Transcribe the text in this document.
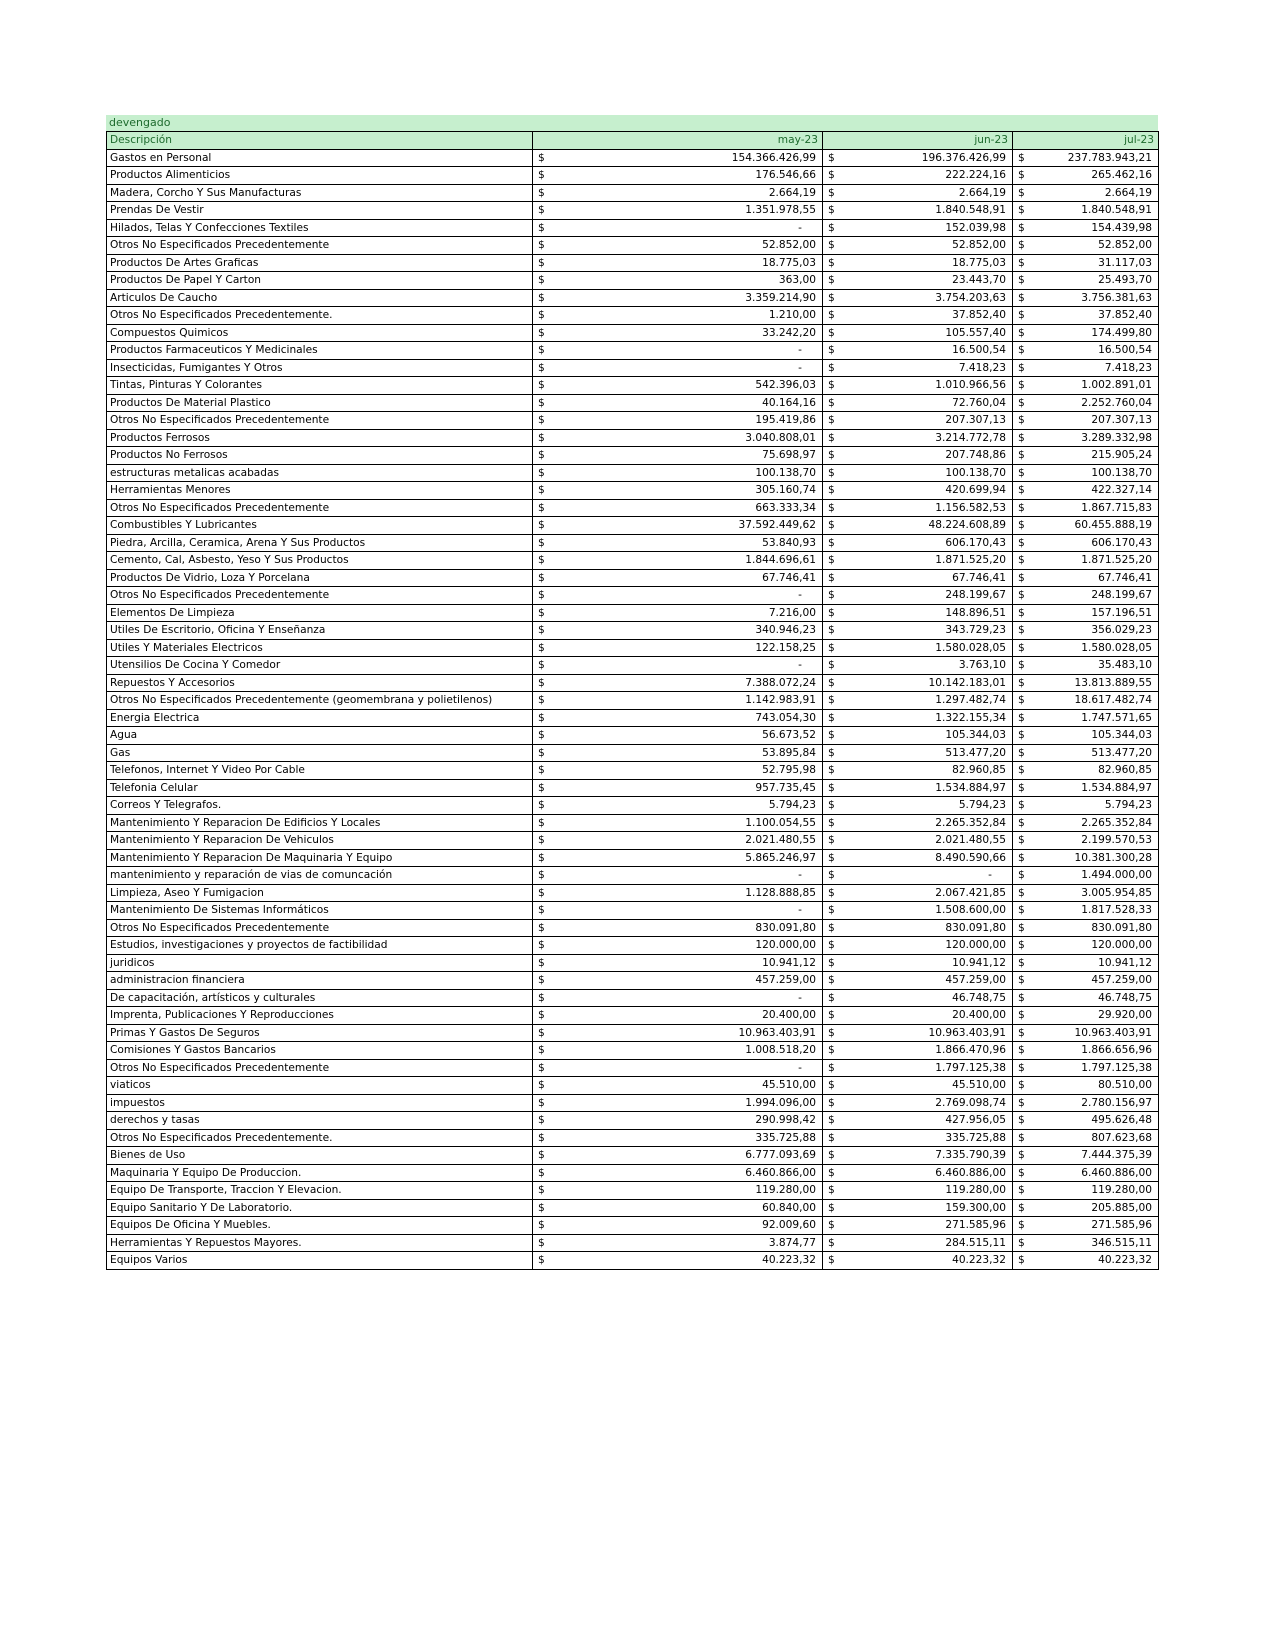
devengado
Descripción	may-23	jun-23	jul-23
Gastos en Personal	$ 154.366.426,99	$ 196.376.426,99	$ 237.783.943,21

Productos Alimenticios	$ 176.546,66	$ 222.224,16	$ 265.462,16

Madera, Corcho Y Sus Manufacturas	$ 2.664,19	$ 2.664,19	$ 2.664,19

Prendas De Vestir	$ 1.351.978,55	$ 1.840.548,91	$ 1.840.548,91

Hilados, Telas Y Confecciones Textiles	$ -	$ 152.039,98	$ 154.439,98

Otros No Especificados Precedentemente	$ 52.852,00	$ 52.852,00	$ 52.852,00

Productos De Artes Graficas	$ 18.775,03	$ 18.775,03	$ 31.117,03

Productos De Papel Y Carton	$ 363,00	$ 23.443,70	$ 25.493,70

Articulos De Caucho	$ 3.359.214,90	$ 3.754.203,63	$ 3.756.381,63

Otros No Especificados Precedentemente.	$ 1.210,00	$ 37.852,40	$ 37.852,40

Compuestos Quimicos	$ 33.242,20	$ 105.557,40	$ 174.499,80

Productos Farmaceuticos Y Medicinales	$ -	$ 16.500,54	$ 16.500,54

Insecticidas, Fumigantes Y Otros	$ -	$ 7.418,23	$ 7.418,23

Tintas, Pinturas Y Colorantes	$ 542.396,03	$ 1.010.966,56	$ 1.002.891,01

Productos De Material Plastico	$ 40.164,16	$ 72.760,04	$ 2.252.760,04

Otros No Especificados Precedentemente	$ 195.419,86	$ 207.307,13	$ 207.307,13

Productos Ferrosos	$ 3.040.808,01	$ 3.214.772,78	$ 3.289.332,98

Productos No Ferrosos	$ 75.698,97	$ 207.748,86	$ 215.905,24

estructuras metalicas acabadas	$ 100.138,70	$ 100.138,70	$ 100.138,70

Herramientas Menores	$ 305.160,74	$ 420.699,94	$ 422.327,14

Otros No Especificados Precedentemente	$ 663.333,34	$ 1.156.582,53	$ 1.867.715,83

Combustibles Y Lubricantes	$ 37.592.449,62	$ 48.224.608,89	$ 60.455.888,19

Piedra, Arcilla, Ceramica, Arena Y Sus Productos	$ 53.840,93	$ 606.170,43	$ 606.170,43

Cemento, Cal, Asbesto, Yeso Y Sus Productos	$ 1.844.696,61	$ 1.871.525,20	$ 1.871.525,20

Productos De Vidrio, Loza Y Porcelana	$ 67.746,41	$ 67.746,41	$ 67.746,41

Otros No Especificados Precedentemente	$ -	$ 248.199,67	$ 248.199,67

Elementos De Limpieza	$ 7.216,00	$ 148.896,51	$ 157.196,51

Utiles De Escritorio, Oficina Y Enseñanza	$ 340.946,23	$ 343.729,23	$ 356.029,23

Utiles Y Materiales Electricos	$ 122.158,25	$ 1.580.028,05	$ 1.580.028,05

Utensilios De Cocina Y Comedor	$ -	$ 3.763,10	$ 35.483,10

Repuestos Y Accesorios	$ 7.388.072,24	$ 10.142.183,01	$ 13.813.889,55

Otros No Especificados Precedentemente (geomembrana y polietilenos)	$ 1.142.983,91	$ 1.297.482,74	$ 18.617.482,74

Energia Electrica	$ 743.054,30	$ 1.322.155,34	$ 1.747.571,65

Agua	$ 56.673,52	$ 105.344,03	$ 105.344,03

Gas	$ 53.895,84	$ 513.477,20	$ 513.477,20

Telefonos, Internet Y Video Por Cable	$ 52.795,98	$ 82.960,85	$ 82.960,85

Telefonia Celular	$ 957.735,45	$ 1.534.884,97	$ 1.534.884,97

Correos Y Telegrafos.	$ 5.794,23	$ 5.794,23	$ 5.794,23

Mantenimiento Y Reparacion De Edificios Y Locales	$ 1.100.054,55	$ 2.265.352,84	$ 2.265.352,84

Mantenimiento Y Reparacion De Vehiculos	$ 2.021.480,55	$ 2.021.480,55	$ 2.199.570,53

Mantenimiento Y Reparacion De Maquinaria Y Equipo	$ 5.865.246,97	$ 8.490.590,66	$ 10.381.300,28

mantenimiento y reparación de vias de comuncación	$ -	$ -	$ 1.494.000,00

Limpieza, Aseo Y Fumigacion	$ 1.128.888,85	$ 2.067.421,85	$ 3.005.954,85

Mantenimiento De Sistemas Informáticos	$ -	$ 1.508.600,00	$ 1.817.528,33

Otros No Especificados Precedentemente	$ 830.091,80	$ 830.091,80	$ 830.091,80

Estudios, investigaciones y proyectos de factibilidad	$ 120.000,00	$ 120.000,00	$ 120.000,00

juridicos	$ 10.941,12	$ 10.941,12	$ 10.941,12

administracion financiera	$ 457.259,00	$ 457.259,00	$ 457.259,00

De capacitación, artísticos y culturales	$ -	$ 46.748,75	$ 46.748,75

Imprenta, Publicaciones Y Reproducciones	$ 20.400,00	$ 20.400,00	$ 29.920,00

Primas Y Gastos De Seguros	$ 10.963.403,91	$ 10.963.403,91	$ 10.963.403,91

Comisiones Y Gastos Bancarios	$ 1.008.518,20	$ 1.866.470,96	$ 1.866.656,96

Otros No Especificados Precedentemente	$ -	$ 1.797.125,38	$ 1.797.125,38

viaticos	$ 45.510,00	$ 45.510,00	$ 80.510,00

impuestos	$ 1.994.096,00	$ 2.769.098,74	$ 2.780.156,97

derechos y tasas	$ 290.998,42	$ 427.956,05	$ 495.626,48

Otros No Especificados Precedentemente.	$ 335.725,88	$ 335.725,88	$ 807.623,68

Bienes de Uso	$ 6.777.093,69	$ 7.335.790,39	$ 7.444.375,39

Maquinaria Y Equipo De Produccion.	$ 6.460.866,00	$ 6.460.886,00	$ 6.460.886,00

Equipo De Transporte, Traccion Y Elevacion.	$ 119.280,00	$ 119.280,00	$ 119.280,00

Equipo Sanitario Y De Laboratorio.	$ 60.840,00	$ 159.300,00	$ 205.885,00

Equipos De Oficina Y Muebles.	$ 92.009,60	$ 271.585,96	$ 271.585,96

Herramientas Y Repuestos Mayores.	$ 3.874,77	$ 284.515,11	$ 346.515,11

Equipos Varios	$ 40.223,32	$ 40.223,32	$ 40.223,32
